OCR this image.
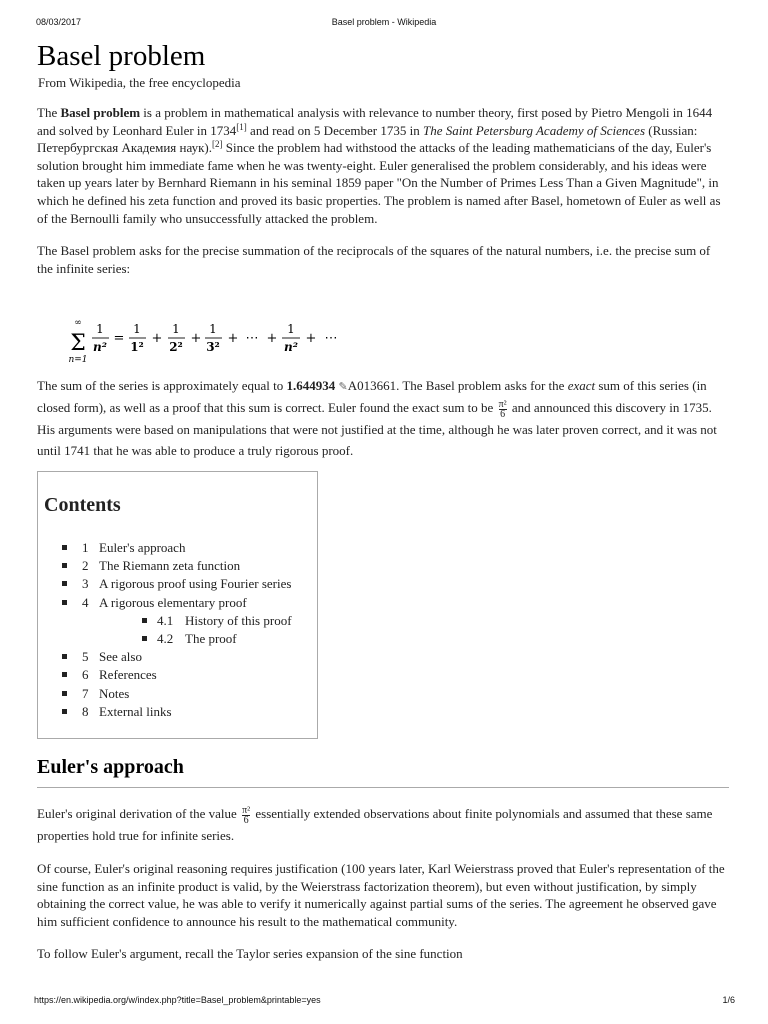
08/03/2017	Basel problem - Wikipedia
Basel problem
From Wikipedia, the free encyclopedia

The Basel problem is a problem in mathematical analysis with relevance to number theory, first posed by Pietro Mengoli in 1644 and solved by Leonhard Euler in 1734[1] and read on 5 December 1735 in The Saint Petersburg Academy of Sciences (Russian: Петербургская Академия наук).[2] Since the problem had withstood the attacks of the leading mathematicians of the day, Euler's solution brought him immediate fame when he was twenty-eight. Euler generalised the problem considerably, and his ideas were taken up years later by Bernhard Riemann in his seminal 1859 paper "On the Number of Primes Less Than a Given Magnitude", in which he defined his zeta function and proved its basic properties. The problem is named after Basel, hometown of Euler as well as of the Bernoulli family who unsuccessfully attacked the problem.

The Basel problem asks for the precise summation of the reciprocals of the squares of the natural numbers, i.e. the precise sum of the infinite series:

∞
Σ
n=1
1
n²
=
1
1²
+
1
2²
+
1
3²
+ ⋯ +
1
n²
+ ⋯

The sum of the series is approximately equal to 1.644934 ✎A013661. The Basel problem asks for the exact sum of this series (in closed form), as well as a proof that this sum is correct. Euler found the exact sum to be $\frac{\text{π²}}{6}$ and announced this discovery in 1735. His arguments were based on manipulations that were not justified at the time, although he was later proven correct, and it was not until 1741 that he was able to produce a truly rigorous proof.

Contents
1 Euler's approach
2 The Riemann zeta function
3 A rigorous proof using Fourier series
4 A rigorous elementary proof
4.1 History of this proof
4.2 The proof
5 See also
6 References
7 Notes
8 External links
Euler's approach

Euler's original derivation of the value $\frac{\text{π²}}{6}$ essentially extended observations about finite polynomials and assumed that these same properties hold true for infinite series.

Of course, Euler's original reasoning requires justification (100 years later, Karl Weierstrass proved that Euler's representation of the sine function as an infinite product is valid, by the Weierstrass factorization theorem), but even without justification, by simply obtaining the correct value, he was able to verify it numerically against partial sums of the series. The agreement he observed gave him sufficient confidence to announce his result to the mathematical community.

To follow Euler's argument, recall the Taylor series expansion of the sine function

https://en.wikipedia.org/w/index.php?title=Basel_problem&printable=yes	1/6
